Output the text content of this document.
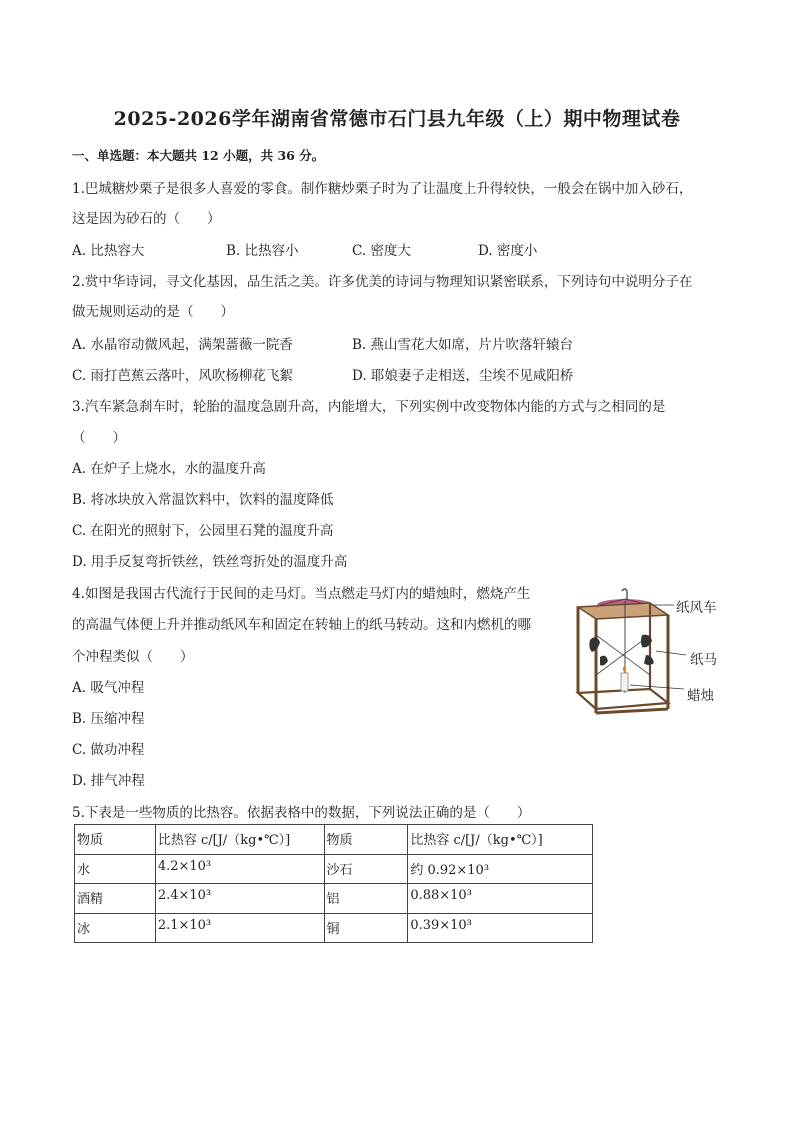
2025-2026学年湖南省常德市石门县九年级（上）期中物理试卷
一、单选题：本大题共 12 小题，共 36 分。
1.巴城糖炒栗子是很多人喜爱的零食。制作糖炒栗子时为了让温度上升得较快，一般会在锅中加入砂石，
这是因为砂石的（　　）
A. 比热容大	B. 比热容小	C. 密度大	D. 密度小
2.赏中华诗词，寻文化基因，品生活之美。许多优美的诗词与物理知识紧密联系，下列诗句中说明分子在
做无规则运动的是（　　）
A. 水晶帘动微风起，满架蔷薇一院香	B. 燕山雪花大如席，片片吹落轩辕台
C. 雨打芭蕉云落叶，风吹杨柳花飞絮	D. 耶娘妻子走相送，尘埃不见咸阳桥
3.汽车紧急刹车时，轮胎的温度急剧升高，内能增大，下列实例中改变物体内能的方式与之相同的是
（　　）
A. 在炉子上烧水，水的温度升高
B. 将冰块放入常温饮料中，饮料的温度降低
C. 在阳光的照射下，公园里石凳的温度升高
D. 用手反复弯折铁丝，铁丝弯折处的温度升高
4.如图是我国古代流行于民间的走马灯。当点燃走马灯内的蜡烛时，燃烧产生
的高温气体便上升并推动纸风车和固定在转轴上的纸马转动。这和内燃机的哪
个冲程类似（　　）
A. 吸气冲程
B. 压缩冲程
C. 做功冲程
D. 排气冲程
纸风车
纸马
蜡烛
5.下表是一些物质的比热容。依据表格中的数据，下列说法正确的是（　　）
物质	比热容 c/[J/（kg•℃）]	物质	比热容 c/[J/（kg•℃）]
水	4.2×10³	沙石	约 0.92×10³
酒精	2.4×10³	铝	0.88×10³
冰	2.1×10³	铜	0.39×10³
